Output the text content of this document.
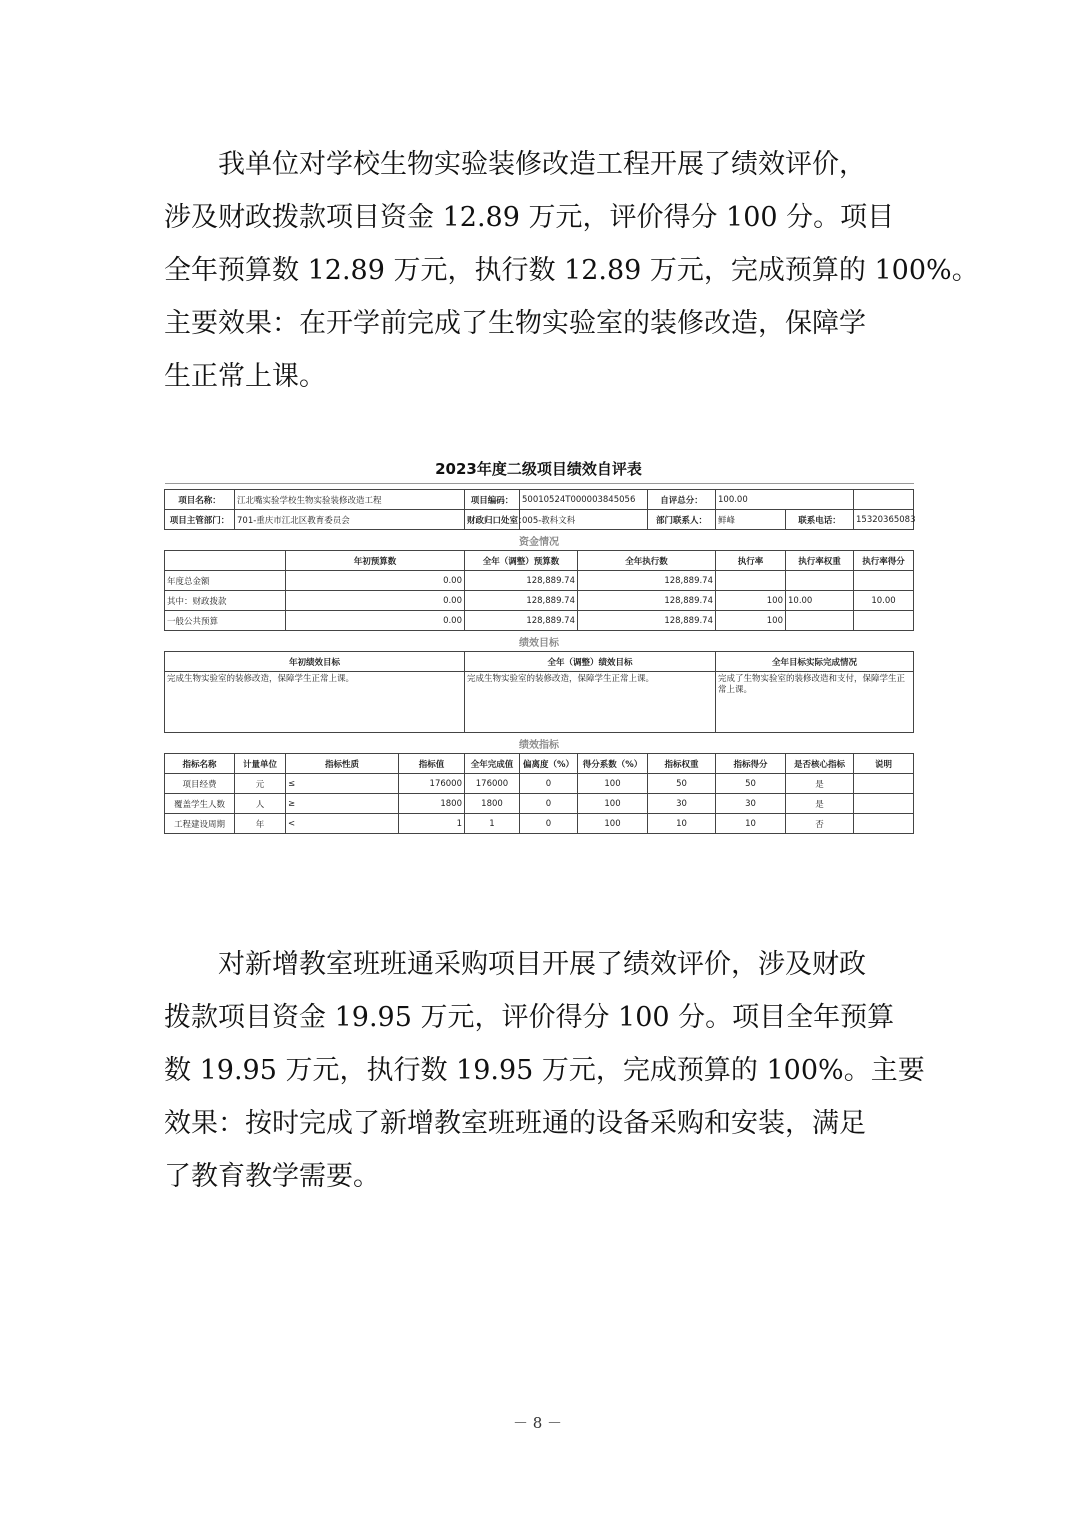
我单位对学校生物实验装修改造工程开展了绩效评价，
涉及财政拨款项目资金 12.89 万元，评价得分 100 分。项目
全年预算数 12.89 万元，执行数 12.89 万元，完成预算的 100%。
主要效果：在开学前完成了生物实验室的装修改造，保障学
生正常上课。
2023年度二级项目绩效自评表

项目名称：	江北嘴实验学校生物实验装修改造工程			项目编码：	50010524T000003845056		自评总分：	100.00		
项目主管部门：	701-重庆市江北区教育委员会			财政归口处室：	005-教科文科		部门联系人：	鲜峰	联系电话：	15320365083
资金情况										
		年初预算数		全年（调整）预算数		全年执行数		执行率	执行率权重	执行率得分
年度总金额		0.00		128,889.74		128,889.74				
其中：财政拨款		0.00		128,889.74		128,889.74		100	10.00	10.00
一般公共预算		0.00		128,889.74		128,889.74		100		
绩效目标										
年初绩效目标				全年（调整）绩效目标				全年目标实际完成情况		
完成生物实验室的装修改造，保障学生正常上课。				完成生物实验室的装修改造，保障学生正常上课。				完成了生物实验室的装修改造和支付，保障学生正常上课。		
绩效指标										
指标名称	计量单位	指标性质	指标值	全年完成值	偏离度（%）	得分系数（%）	指标权重	指标得分	是否核心指标	说明
项目经费	元	≤	176000	176000	0	100	50	50	是	
覆盖学生人数	人	≥	1800	1800	0	100	30	30	是	
工程建设周期	年	<	1	1	0	100	10	10	否	
对新增教室班班通采购项目开展了绩效评价，涉及财政
拨款项目资金 19.95 万元，评价得分 100 分。项目全年预算
数 19.95 万元，执行数 19.95 万元，完成预算的 100%。主要
效果：按时完成了新增教室班班通的设备采购和安装，满足
了教育教学需要。
－ 8 －
